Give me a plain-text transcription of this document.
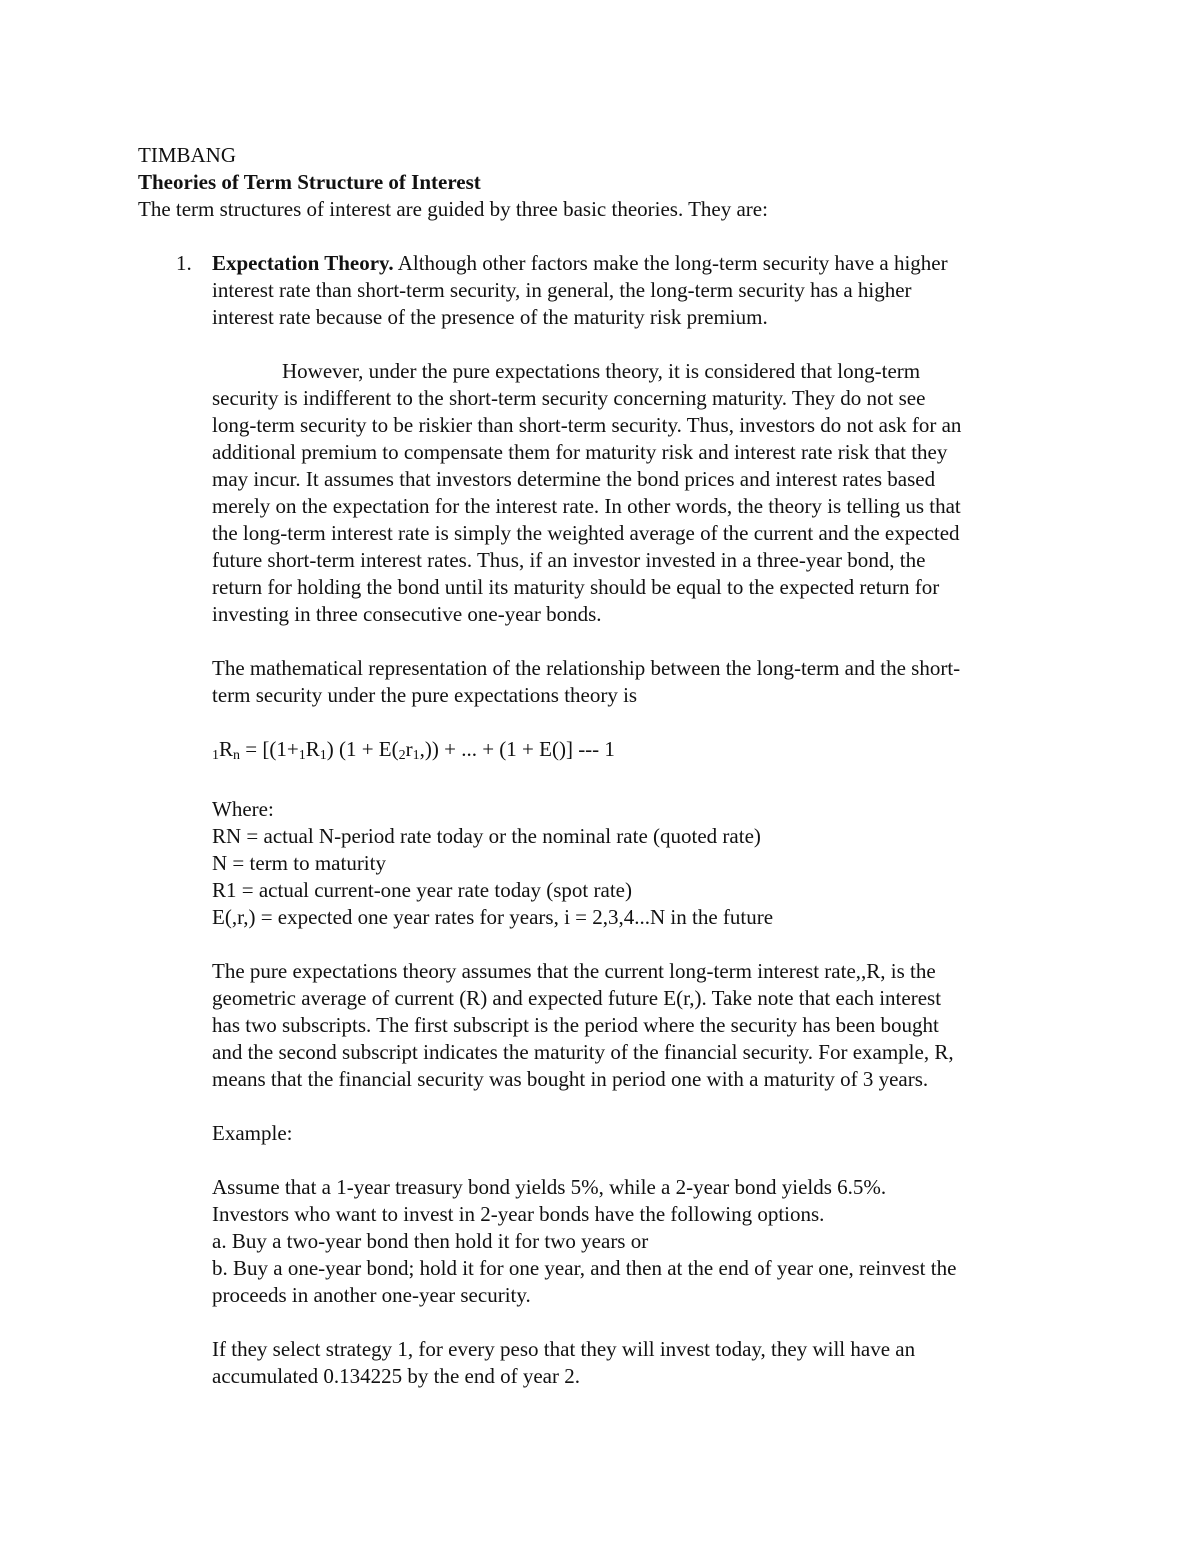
TIMBANG
Theories of Term Structure of Interest
The term structures of interest are guided by three basic theories. They are:
1. Expectation Theory. Although other factors make the long-term security have a higher
interest rate than short-term security, in general, the long-term security has a higher
interest rate because of the presence of the maturity risk premium.
However, under the pure expectations theory, it is considered that long-term
security is indifferent to the short-term security concerning maturity. They do not see
long-term security to be riskier than short-term security. Thus, investors do not ask for an
additional premium to compensate them for maturity risk and interest rate risk that they
may incur. It assumes that investors determine the bond prices and interest rates based
merely on the expectation for the interest rate. In other words, the theory is telling us that
the long-term interest rate is simply the weighted average of the current and the expected
future short-term interest rates. Thus, if an investor invested in a three-year bond, the
return for holding the bond until its maturity should be equal to the expected return for
investing in three consecutive one-year bonds.
The mathematical representation of the relationship between the long-term and the short-
term security under the pure expectations theory is
$_1R_n = [(1+_1R_1) (1 + E(_2r_1,))$ + ... + (1 + E()] --- 1
Where:
RN = actual N-period rate today or the nominal rate (quoted rate)
N = term to maturity
R1 = actual current-one year rate today (spot rate)
E(,r,) = expected one year rates for years, i = 2,3,4...N in the future
The pure expectations theory assumes that the current long-term interest rate,,R, is the
geometric average of current (R) and expected future E(r,). Take note that each interest
has two subscripts. The first subscript is the period where the security has been bought
and the second subscript indicates the maturity of the financial security. For example, R,
means that the financial security was bought in period one with a maturity of 3 years.
Example:
Assume that a 1-year treasury bond yields 5%, while a 2-year bond yields 6.5%.
Investors who want to invest in 2-year bonds have the following options.
a. Buy a two-year bond then hold it for two years or
b. Buy a one-year bond; hold it for one year, and then at the end of year one, reinvest the
proceeds in another one-year security.
If they select strategy 1, for every peso that they will invest today, they will have an
accumulated 0.134225 by the end of year 2.
